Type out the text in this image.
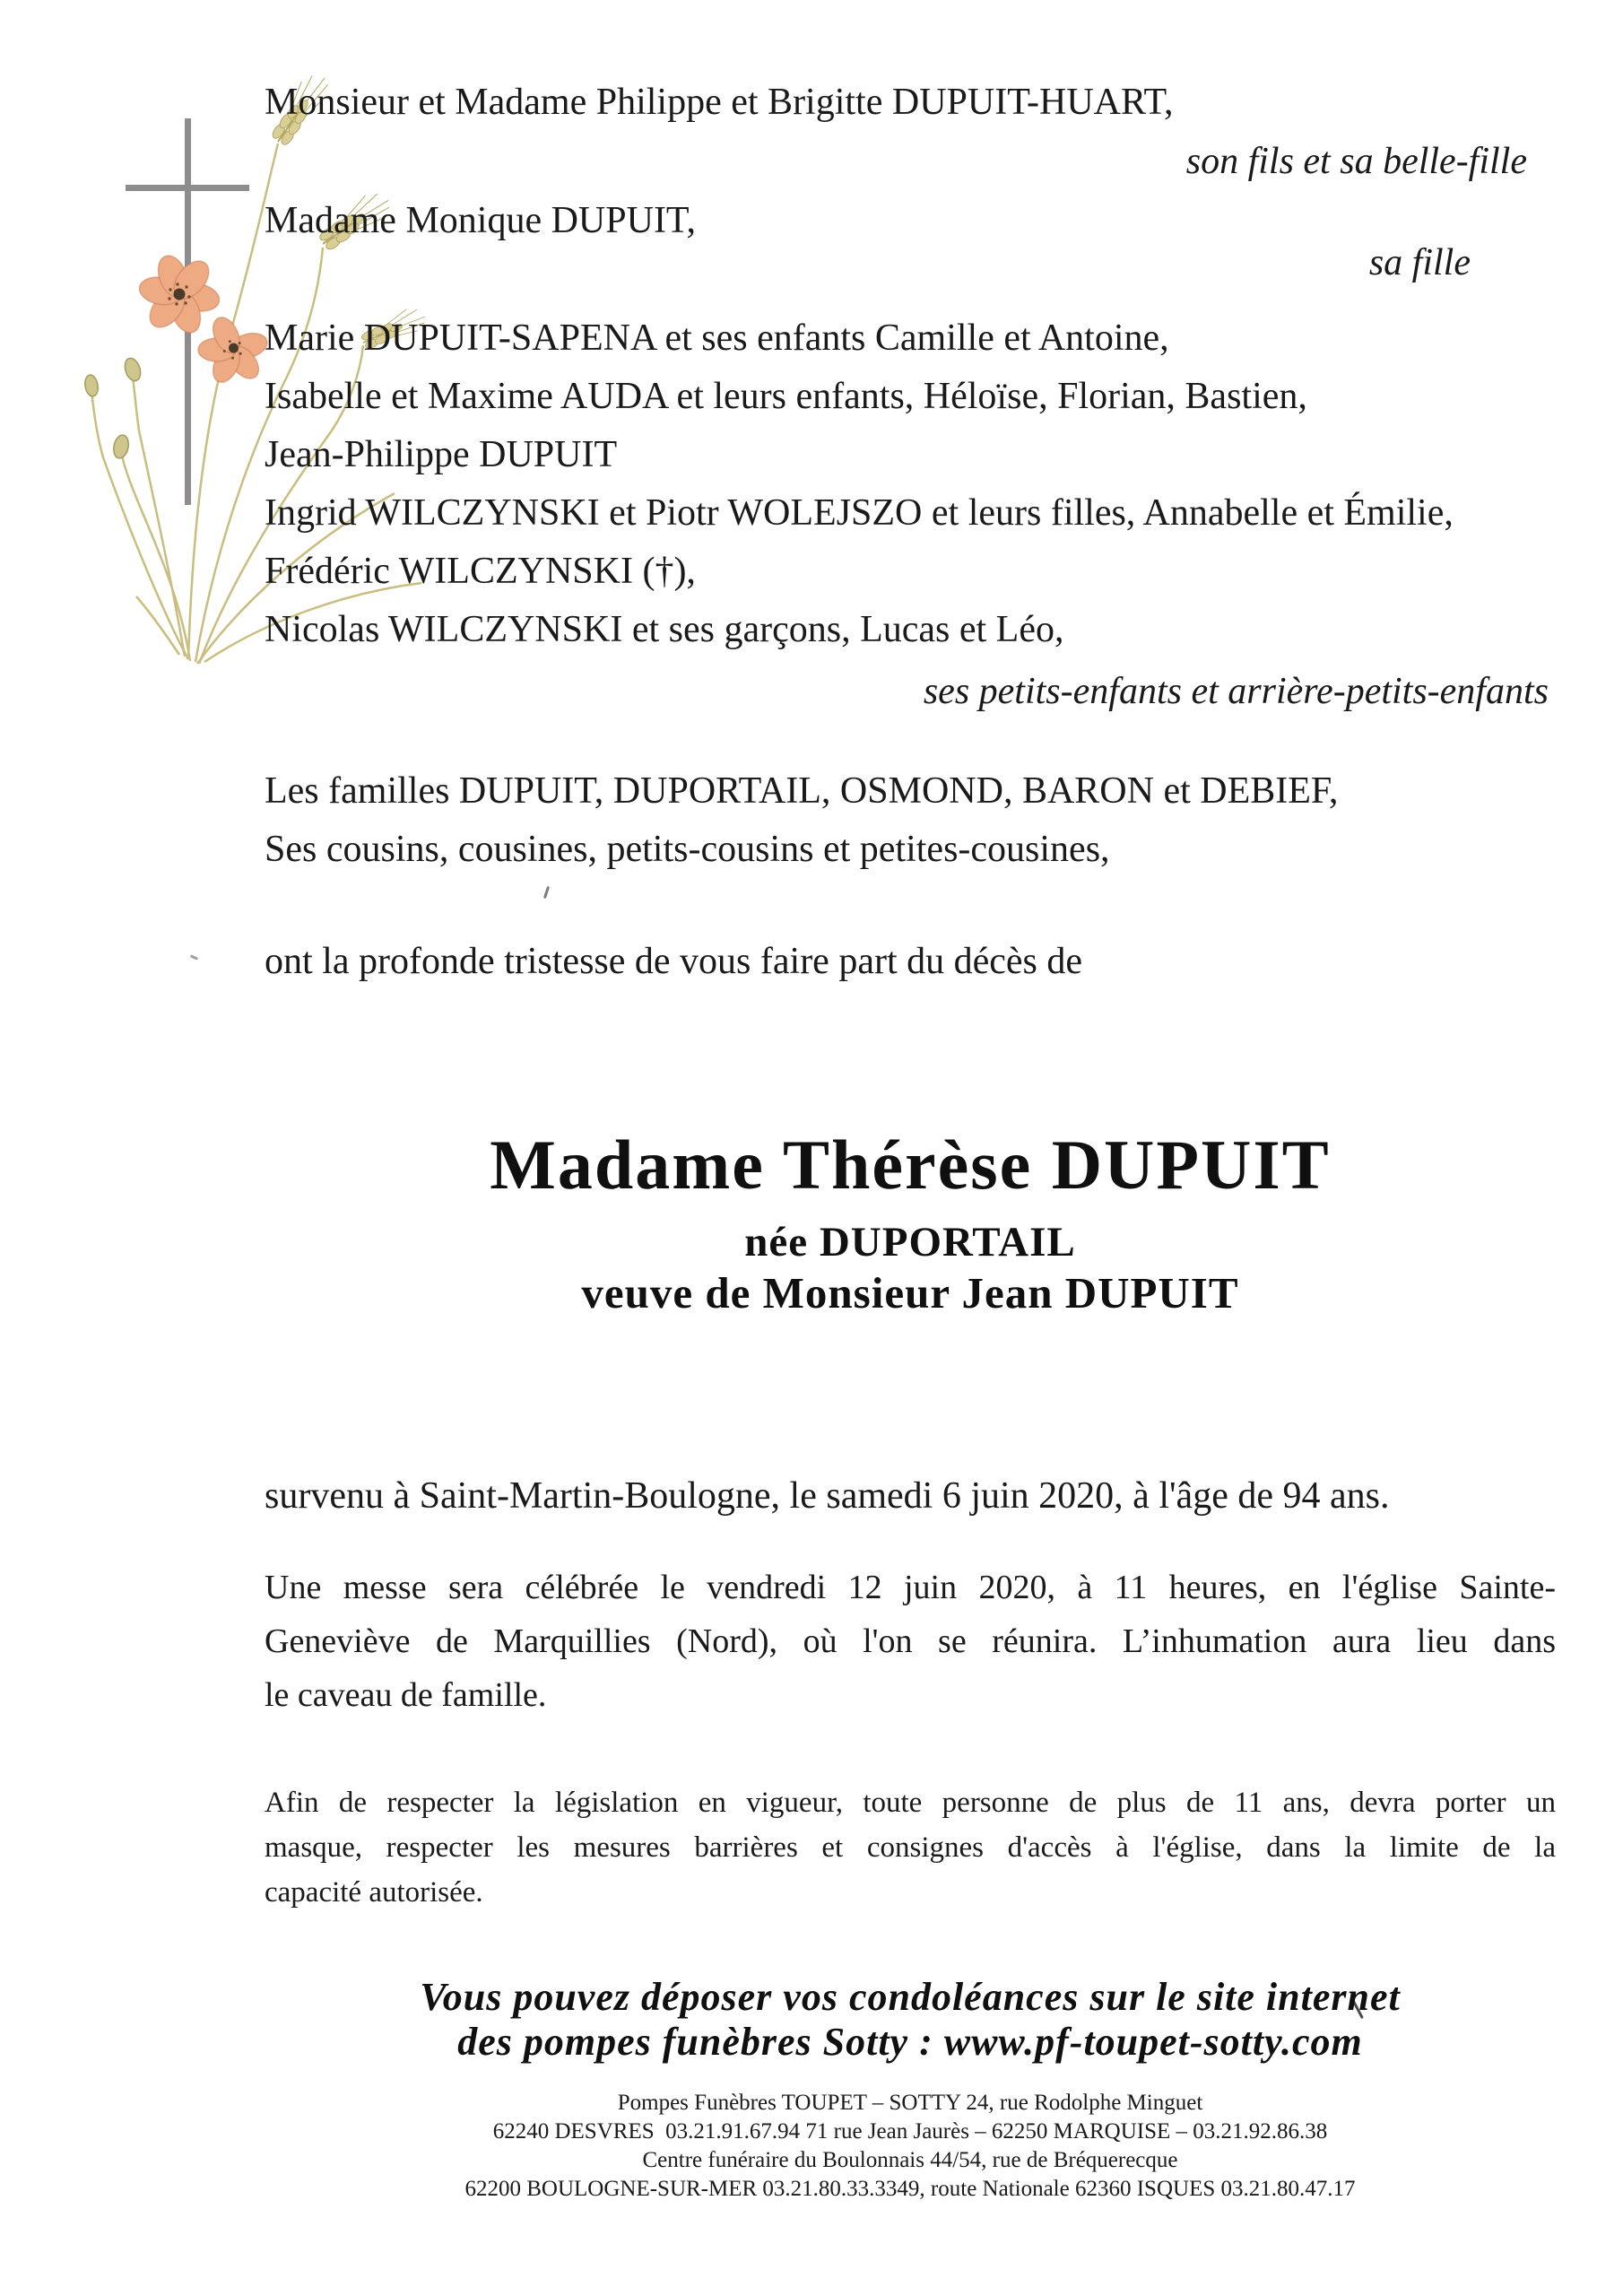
Monsieur et Madame Philippe et Brigitte DUPUIT-HUART,
son fils et sa belle-fille
Madame Monique DUPUIT,
sa fille
Marie DUPUIT-SAPENA et ses enfants Camille et Antoine,
Isabelle et Maxime AUDA et leurs enfants, Héloïse, Florian, Bastien,
Jean-Philippe DUPUIT
Ingrid WILCZYNSKI et Piotr WOLEJSZO et leurs filles, Annabelle et Émilie,
Frédéric WILCZYNSKI (†),
Nicolas WILCZYNSKI et ses garçons, Lucas et Léo,
ses petits-enfants et arrière-petits-enfants
Les familles DUPUIT, DUPORTAIL, OSMOND, BARON et DEBIEF,
Ses cousins, cousines, petits-cousins et petites-cousines,
ont la profonde tristesse de vous faire part du décès de
Madame Thérèse DUPUIT
née DUPORTAIL
veuve de Monsieur Jean DUPUIT
survenu à Saint-Martin-Boulogne, le samedi 6 juin 2020, à l'âge de 94 ans.
Une messe sera célébrée le vendredi 12 juin 2020, à 11 heures, en l'église Sainte-
Geneviève de Marquillies (Nord), où l'on se réunira. L’inhumation aura lieu dans
le caveau de famille.
Afin de respecter la législation en vigueur, toute personne de plus de 11 ans, devra porter un
masque, respecter les mesures barrières et consignes d'accès à l'église, dans la limite de la
capacité autorisée.
Vous pouvez déposer vos condoléances sur le site internet
des pompes funèbres Sotty : www.pf-toupet-sotty.com
Pompes Funèbres TOUPET – SOTTY 24, rue Rodolphe Minguet
62240 DESVRES  03.21.91.67.94 71 rue Jean Jaurès – 62250 MARQUISE – 03.21.92.86.38
Centre funéraire du Boulonnais 44/54, rue de Bréquerecque
62200 BOULOGNE-SUR-MER 03.21.80.33.3349, route Nationale 62360 ISQUES 03.21.80.47.17
